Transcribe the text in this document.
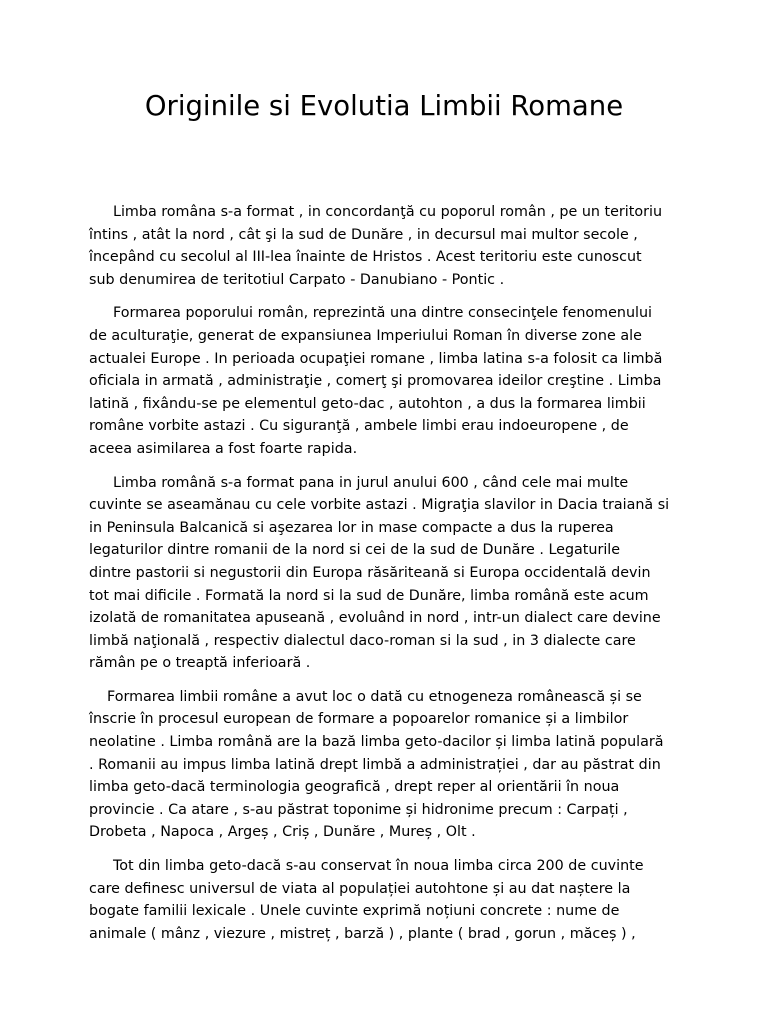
Originile si Evolutia Limbii Romane
Limba româna s-a format , in concordanţă cu poporul român , pe un teritoriu
întins , atât la nord , cât şi la sud de Dunăre , in decursul mai multor secole ,
începând cu secolul al III-lea înainte de Hristos . Acest teritoriu este cunoscut
sub denumirea de teritotiul Carpato - Danubiano - Pontic .
Formarea poporului român, reprezintă una dintre consecinţele fenomenului
de aculturaţie, generat de expansiunea Imperiului Roman în diverse zone ale
actualei Europe . In perioada ocupaţiei romane , limba latina s-a folosit ca limbă
oficiala in armată , administraţie , comerţ şi promovarea ideilor creştine . Limba
latină , fixându-se pe elementul geto-dac , autohton , a dus la formarea limbii
române vorbite astazi . Cu siguranţă , ambele limbi erau indoeuropene , de
aceea asimilarea a fost foarte rapida.
Limba română s-a format pana in jurul anului 600 , când cele mai multe
cuvinte se aseamănau cu cele vorbite astazi . Migraţia slavilor in Dacia traiană si
in Peninsula Balcanică si aşezarea lor in mase compacte a dus la ruperea
legaturilor dintre romanii de la nord si cei de la sud de Dunăre . Legaturile
dintre pastorii si negustorii din Europa răsăriteană si Europa occidentală devin
tot mai dificile . Formată la nord si la sud de Dunăre, limba română este acum
izolată de romanitatea apuseană , evoluând in nord , intr-un dialect care devine
limbă naţională , respectiv dialectul daco-roman si la sud , in 3 dialecte care
rămân pe o treaptă inferioară .
Formarea limbii române a avut loc o dată cu etnogeneza românească și se
înscrie în procesul european de formare a popoarelor romanice și a limbilor
neolatine . Limba română are la bază limba geto-dacilor și limba latină populară
. Romanii au impus limba latină drept limbă a administrației , dar au păstrat din
limba geto-dacă terminologia geografică , drept reper al orientării în noua
provincie . Ca atare , s-au păstrat toponime și hidronime precum : Carpați ,
Drobeta , Napoca , Argeș , Criș , Dunăre , Mureș , Olt .
Tot din limba geto-dacă s-au conservat în noua limba circa 200 de cuvinte
care definesc universul de viata al populației autohtone și au dat naștere la
bogate familii lexicale . Unele cuvinte exprimă noțiuni concrete : nume de
animale ( mânz , viezure , mistreț , barză ) , plante ( brad , gorun , măceș ) ,
